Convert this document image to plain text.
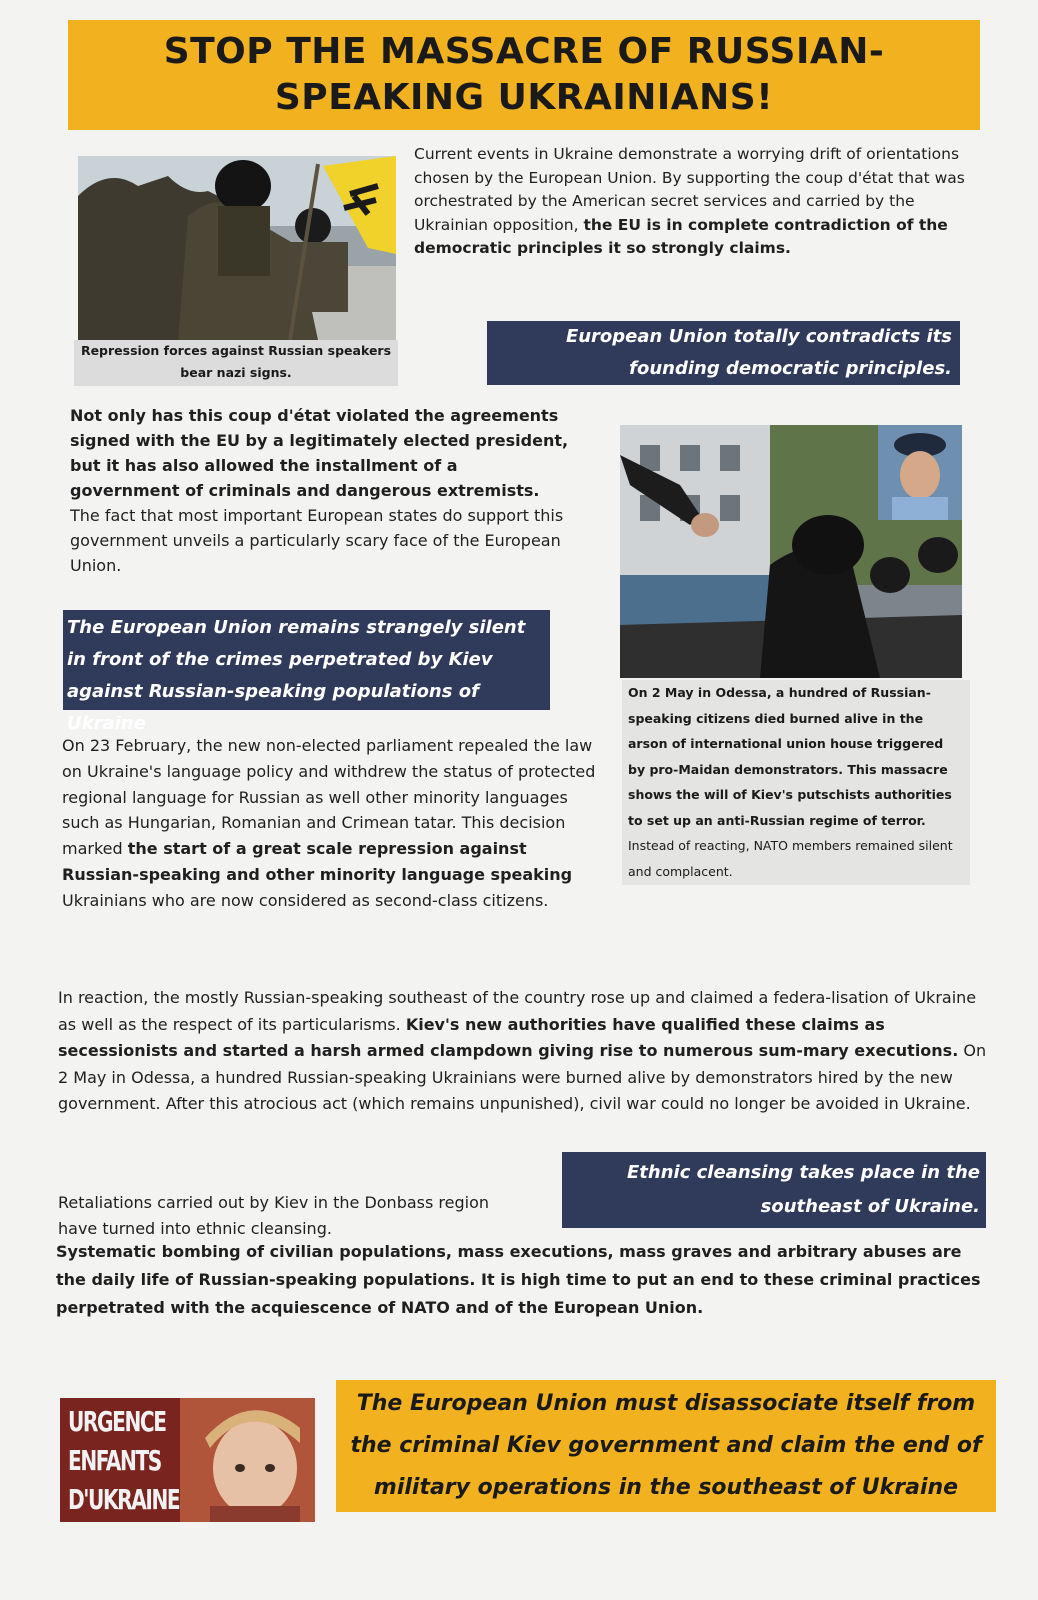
STOP THE MASSACRE OF RUSSIAN-SPEAKING UKRAINIANS!
Repression forces against Russian speakers bear nazi signs.

Current events in Ukraine demonstrate a worrying drift of orientations chosen by the European Union. By supporting the coup d'état that was orchestrated by the American secret services and carried by the Ukrainian opposition, the EU is in complete contradiction of the democratic principles it so strongly claims.

European Union totally contradicts its founding democratic principles.

Not only has this coup d'état violated the agreements signed with the EU by a legitimately elected president, but it has also allowed the installment of a government of criminals and dangerous extremists. The fact that most important European states do support this government unveils a particularly scary face of the European Union.

On 2 May in Odessa, a hundred of Russian-speaking citizens died burned alive in the arson of international union house triggered by pro-Maidan demonstrators. This massacre shows the will of Kiev's putschists authorities to set up an anti-Russian regime of terror. Instead of reacting, NATO members remained silent and complacent.
The European Union remains strangely silent in front of the crimes perpetrated by Kiev against Russian-speaking populations of Ukraine

On 23 February, the new non-elected parliament repealed the law on Ukraine's language policy and withdrew the status of protected regional language for Russian as well other minority languages such as Hungarian, Romanian and Crimean tatar. This decision marked the start of a great scale repression against Russian-speaking and other minority language speaking Ukrainians who are now considered as second-class citizens.

In reaction, the mostly Russian-speaking southeast of the country rose up and claimed a federa-lisation of Ukraine as well as the respect of its particularisms. Kiev's new authorities have qualified these claims as secessionists and started a harsh armed clampdown giving rise to numerous sum-mary executions. On 2 May in Odessa, a hundred Russian-speaking Ukrainians were burned alive by demonstrators hired by the new government. After this atrocious act (which remains unpunished), civil war could no longer be avoided in Ukraine.

Ethnic cleansing takes place in the southeast of Ukraine.

Retaliations carried out by Kiev in the Donbass region have turned into ethnic cleansing.

Systematic bombing of civilian populations, mass executions, mass graves and arbitrary abuses are the daily life of Russian-speaking populations. It is high time to put an end to these criminal practices perpetrated with the acquiescence of NATO and of the European Union.

URGENCE
ENFANTS
D'UKRAINE
The European Union must disassociate itself from the criminal Kiev government and claim the end of military operations in the southeast of Ukraine
